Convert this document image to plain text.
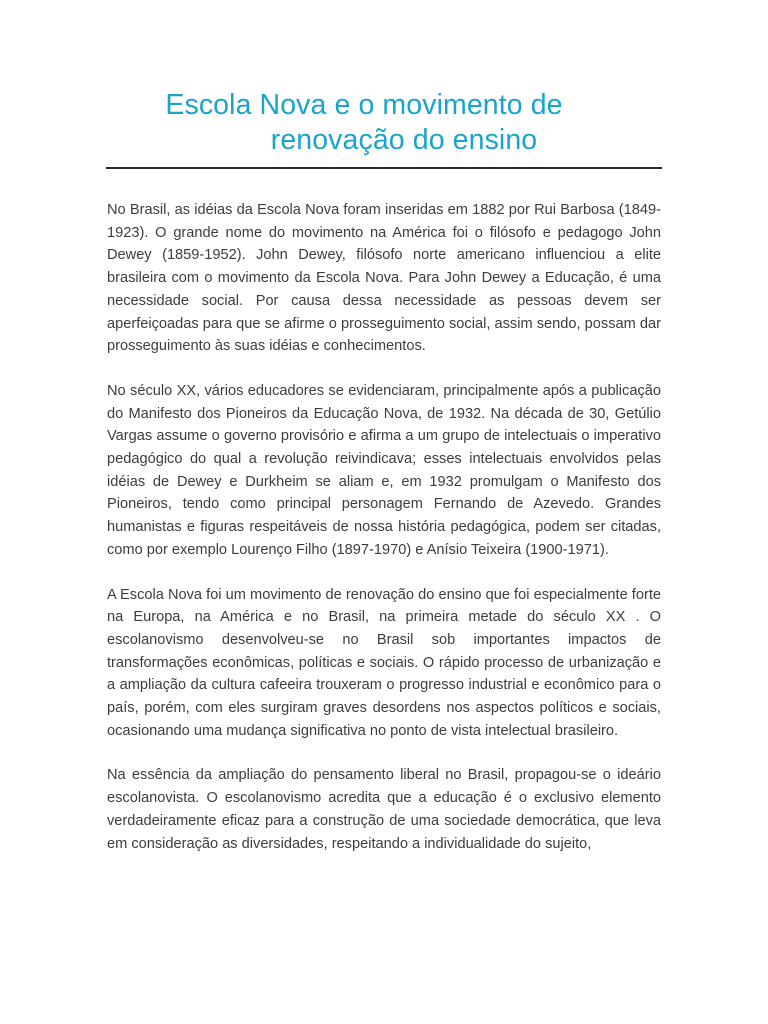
Escola Nova e o movimento de
renovação do ensino

No Brasil, as idéias da Escola Nova foram inseridas em 1882 por Rui Barbosa (1849-1923). O grande nome do movimento na América foi o filósofo e pedagogo John Dewey (1859-1952). John Dewey, filósofo norte americano influenciou a elite brasileira com o movimento da Escola Nova. Para John Dewey a Educação, é uma necessidade social. Por causa dessa necessidade as pessoas devem ser aperfeiçoadas para que se afirme o prosseguimento social, assim sendo, possam dar prosseguimento às suas idéias e conhecimentos.

No século XX, vários educadores se evidenciaram, principalmente após a publicação do Manifesto dos Pioneiros da Educação Nova, de 1932. Na década de 30, Getúlio Vargas assume o governo provisório e afirma a um grupo de intelectuais o imperativo pedagógico do qual a revolução reivindicava; esses intelectuais envolvidos pelas idéias de Dewey e Durkheim se aliam e, em 1932 promulgam o Manifesto dos Pioneiros, tendo como principal personagem Fernando de Azevedo. Grandes humanistas e figuras respeitáveis de nossa história pedagógica, podem ser citadas, como por exemplo Lourenço Filho (1897-1970) e Anísio Teixeira (1900-1971).

A Escola Nova foi um movimento de renovação do ensino que foi especialmente forte na Europa, na América e no Brasil, na primeira metade do século XX . O escolanovismo desenvolveu-se no Brasil sob importantes impactos de transformações econômicas, políticas e sociais. O rápido processo de urbanização e a ampliação da cultura cafeeira trouxeram o progresso industrial e econômico para o país, porém, com eles surgiram graves desordens nos aspectos políticos e sociais, ocasionando uma mudança significativa no ponto de vista intelectual brasileiro.

Na essência da ampliação do pensamento liberal no Brasil, propagou-se o ideário escolanovista. O escolanovismo acredita que a educação é o exclusivo elemento verdadeiramente eficaz para a construção de uma sociedade democrática, que leva em consideração as diversidades, respeitando a individualidade do sujeito,
